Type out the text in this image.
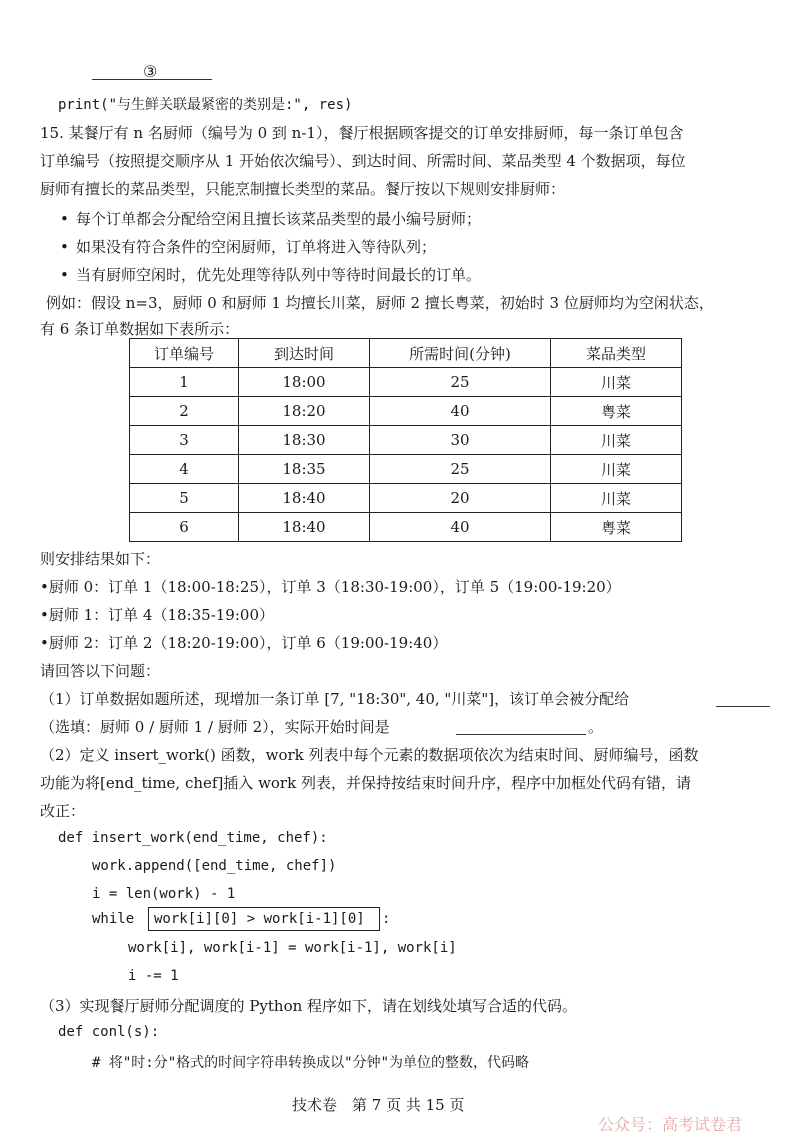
③
print("与生鲜关联最紧密的类别是:", res)
15. 某餐厅有 n 名厨师（编号为 0 到 n-1），餐厅根据顾客提交的订单安排厨师，每一条订单包含
订单编号（按照提交顺序从 1 开始依次编号）、到达时间、所需时间、菜品类型 4 个数据项，每位
厨师有擅长的菜品类型，只能烹制擅长类型的菜品。餐厅按以下规则安排厨师：
• 每个订单都会分配给空闲且擅长该菜品类型的最小编号厨师；
• 如果没有符合条件的空闲厨师，订单将进入等待队列；
• 当有厨师空闲时，优先处理等待队列中等待时间最长的订单。
例如：假设 n=3，厨师 0 和厨师 1 均擅长川菜，厨师 2 擅长粤菜，初始时 3 位厨师均为空闲状态，
有 6 条订单数据如下表所示：
订单编号	到达时间	所需时间(分钟)	菜品类型
1	18:00	25	川菜
2	18:20	40	粤菜
3	18:30	30	川菜
4	18:35	25	川菜
5	18:40	20	川菜
6	18:40	40	粤菜
则安排结果如下：
•厨师 0：订单 1（18:00-18:25），订单 3（18:30-19:00），订单 5（19:00-19:20）
•厨师 1：订单 4（18:35-19:00）
•厨师 2：订单 2（18:20-19:00），订单 6（19:00-19:40）
请回答以下问题：
（1）订单数据如题所述，现增加一条订单 [7, "18:30", 40, "川菜"]，该订单会被分配给
（选填：厨师 0 / 厨师 1 / 厨师 2），实际开始时间是	。
（2）定义 insert_work() 函数，work 列表中每个元素的数据项依次为结束时间、厨师编号，函数
功能为将[end_time, chef]插入 work 列表，并保持按结束时间升序，程序中加框处代码有错，请
改正：
def insert_work(end_time, chef):
work.append([end_time, chef])
i = len(work) - 1
while work[i][0] > work[i-1][0] :
work[i], work[i-1] = work[i-1], work[i]
i -= 1
（3）实现餐厅厨师分配调度的 Python 程序如下，请在划线处填写合适的代码。
def conl(s):
# 将"时:分"格式的时间字符串转换成以"分钟"为单位的整数，代码略
技术卷　第 7 页 共 15 页
公众号：高考试卷君
